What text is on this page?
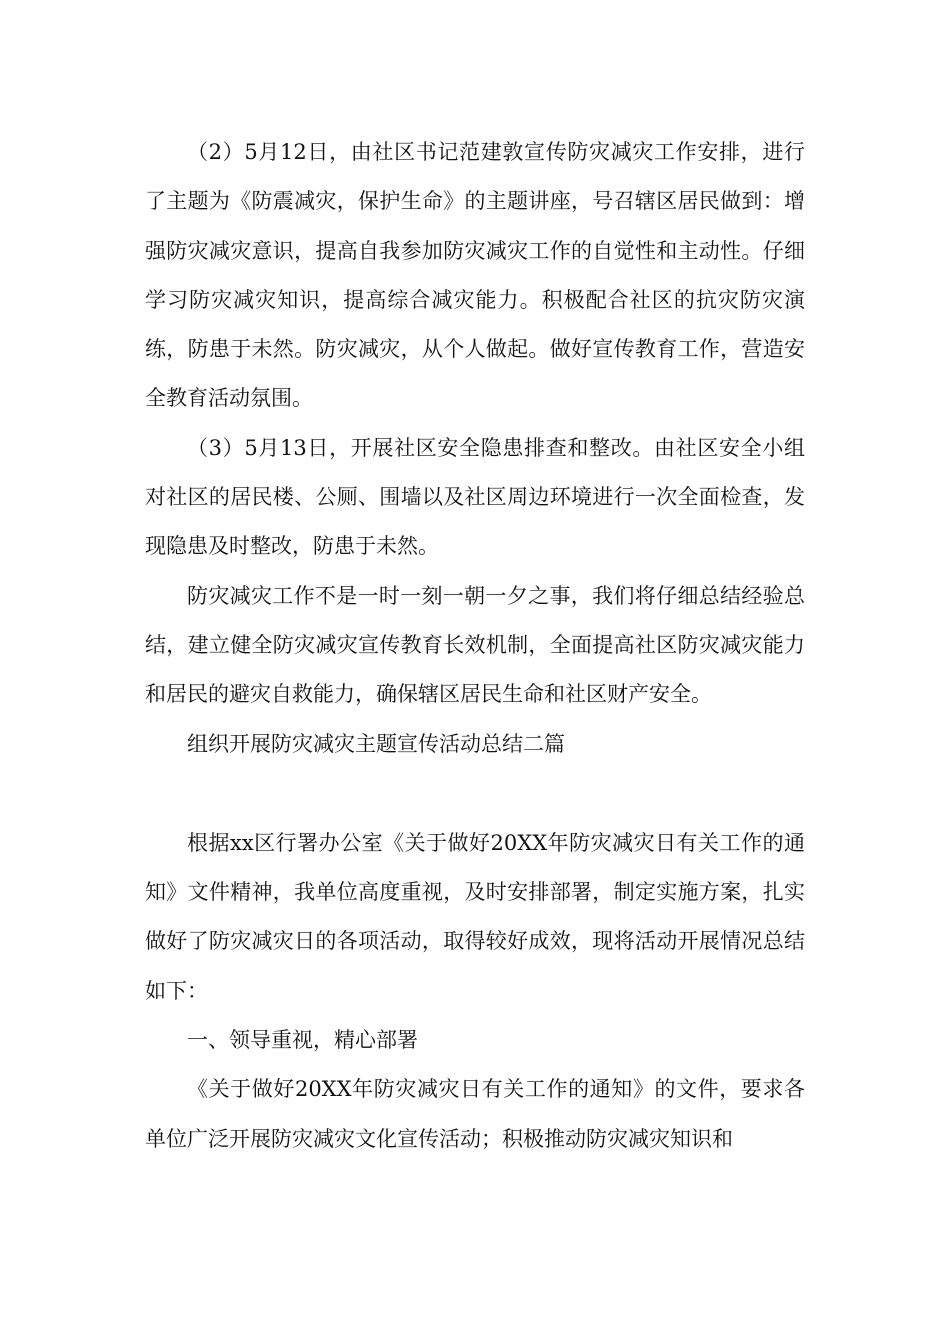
（2）5月12日，由社区书记范建敦宣传防灾减灾工作安排，进行了主题为《防震减灾，保护生命》的主题讲座，号召辖区居民做到：增强防灾减灾意识，提高自我参加防灾减灾工作的自觉性和主动性。仔细学习防灾减灾知识，提高综合减灾能力。积极配合社区的抗灾防灾演练，防患于未然。防灾减灾，从个人做起。做好宣传教育工作，营造安全教育活动氛围。

（3）5月13日，开展社区安全隐患排查和整改。由社区安全小组对社区的居民楼、公厕、围墙以及社区周边环境进行一次全面检查，发现隐患及时整改，防患于未然。

防灾减灾工作不是一时一刻一朝一夕之事，我们将仔细总结经验总结，建立健全防灾减灾宣传教育长效机制，全面提高社区防灾减灾能力和居民的避灾自救能力，确保辖区居民生命和社区财产安全。

组织开展防灾减灾主题宣传活动总结二篇

根据xx区行署办公室《关于做好20XX年防灾减灾日有关工作的通知》文件精神，我单位高度重视，及时安排部署，制定实施方案，扎实做好了防灾减灾日的各项活动，取得较好成效，现将活动开展情况总结如下：

一、领导重视，精心部署

《关于做好20XX年防灾减灾日有关工作的通知》的文件，要求各单位广泛开展防灾减灾文化宣传活动；积极推动防灾减灾知识和
